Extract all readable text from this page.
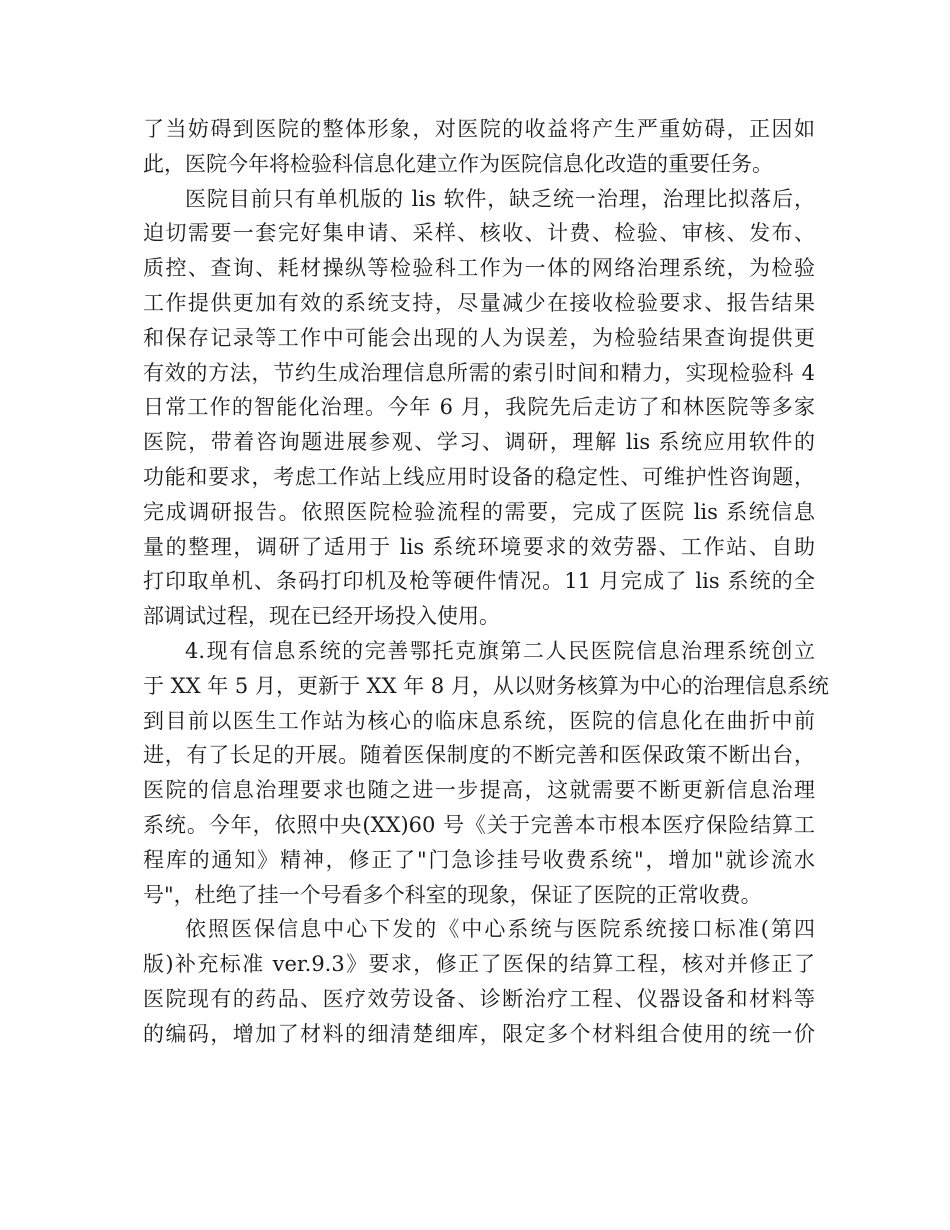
了当妨碍到医院的整体形象，对医院的收益将产生严重妨碍，正因如
此，医院今年将检验科信息化建立作为医院信息化改造的重要任务。
医院目前只有单机版的 lis 软件，缺乏统一治理，治理比拟落后，
迫切需要一套完好集申请、采样、核收、计费、检验、审核、发布、
质控、查询、耗材操纵等检验科工作为一体的网络治理系统，为检验
工作提供更加有效的系统支持，尽量减少在接收检验要求、报告结果
和保存记录等工作中可能会出现的人为误差，为检验结果查询提供更
有效的方法，节约生成治理信息所需的索引时间和精力，实现检验科 4
日常工作的智能化治理。今年 6 月，我院先后走访了和林医院等多家
医院，带着咨询题进展参观、学习、调研，理解 lis 系统应用软件的
功能和要求，考虑工作站上线应用时设备的稳定性、可维护性咨询题，
完成调研报告。依照医院检验流程的需要，完成了医院 lis 系统信息
量的整理，调研了适用于 lis 系统环境要求的效劳器、工作站、自助
打印取单机、条码打印机及枪等硬件情况。11 月完成了 lis 系统的全
部调试过程，现在已经开场投入使用。
4.现有信息系统的完善鄂托克旗第二人民医院信息治理系统创立
于 XX 年 5 月，更新于 XX 年 8 月，从以财务核算为中心的治理信息系统
到目前以医生工作站为核心的临床息系统，医院的信息化在曲折中前
进，有了长足的开展。随着医保制度的不断完善和医保政策不断出台，
医院的信息治理要求也随之进一步提高，这就需要不断更新信息治理
系统。今年，依照中央(XX)60 号《关于完善本市根本医疗保险结算工
程库的通知》精神，修正了"门急诊挂号收费系统"，增加"就诊流水
号"，杜绝了挂一个号看多个科室的现象，保证了医院的正常收费。
依照医保信息中心下发的《中心系统与医院系统接口标准(第四
版)补充标准 ver.9.3》要求，修正了医保的结算工程，核对并修正了
医院现有的药品、医疗效劳设备、诊断治疗工程、仪器设备和材料等
的编码，增加了材料的细清楚细库，限定多个材料组合使用的统一价
